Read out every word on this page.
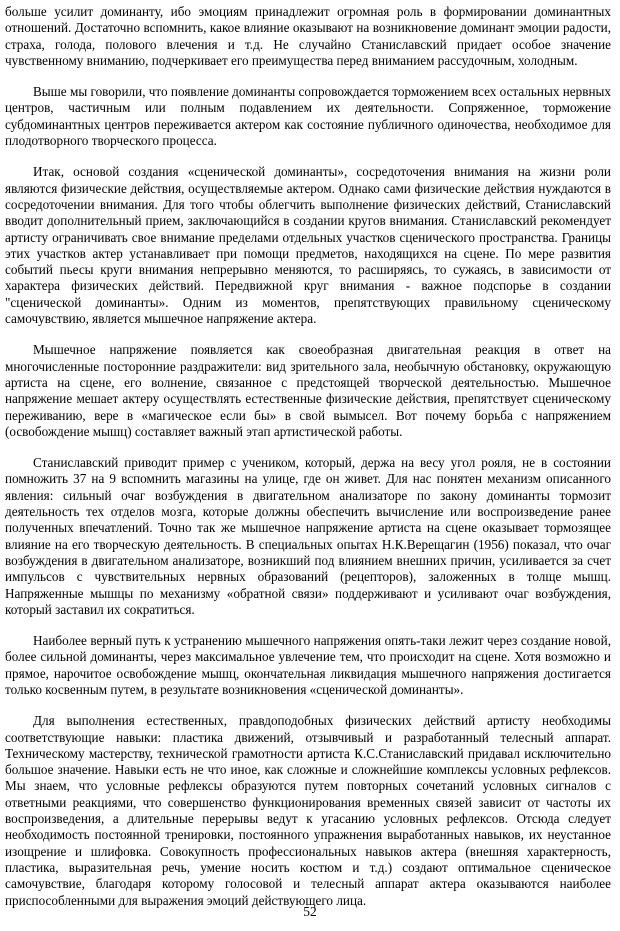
больше усилит доминанту, ибо эмоциям принадлежит огромная роль в формировании доминантных отношений. Достаточно вспомнить, какое влияние оказывают на возникновение доминант эмоции радости, страха, голода, полового влечения и т.д. Не случайно Станиславский придает особое значение чувственному вниманию, подчеркивает его преимущества перед вниманием рассудочным, холодным.

Выше мы говорили, что появление доминанты сопровождается торможением всех остальных нервных центров, частичным или полным подавлением их деятельности. Сопряженное, торможение субдоминантных центров переживается актером как состояние публичного одиночества, необходимое для плодотворного творческого процесса.

Итак, основой создания «сценической доминанты», сосредоточения внимания на жизни роли являются физические действия, осуществляемые актером. Однако сами физические действия нуждаются в сосредоточении внимания. Для того чтобы облегчить выполнение физических действий, Станиславский вводит дополнительный прием, заключающийся в создании кругов внимания. Станиславский рекомендует артисту ограничивать свое внимание пределами отдельных участков сценического пространства. Границы этих участков актер устанавливает при помощи предметов, находящихся на сцене. По мере развития событий пьесы круги внимания непрерывно меняются, то расширяясь, то сужаясь, в зависимости от характера физических действий. Передвижной круг внимания - важное подспорье в создании "сценической доминанты». Одним из моментов, препятствующих правильному сценическому самочувствию, является мышечное напряжение актера.

Мышечное напряжение появляется как своеобразная двигательная реакция в ответ на многочисленные посторонние раздражители: вид зрительного зала, необычную обстановку, окружающую артиста на сцене, его волнение, связанное с предстоящей творческой деятельностью. Мышечное напряжение мешает актеру осуществлять естественные физические действия, препятствует сценическому переживанию, вере в «магическое если бы» в свой вымысел. Вот почему борьба с напряжением (освобождение мышц) составляет важный этап артистической работы.

Станиславский приводит пример с учеником, который, держа на весу угол рояля, не в состоянии помножить 37 на 9 вспомнить магазины на улице, где он живет. Для нас понятен механизм описанного явления: сильный очаг возбуждения в двигательном анализаторе по закону доминанты тормозит деятельность тех отделов мозга, которые должны обеспечить вычисление или воспроизведение ранее полученных впечатлений. Точно так же мышечное напряжение артиста на сцене оказывает тормозящее влияние на его творческую деятельность. В специальных опытах Н.К.Верещагин (1956) показал, что очаг возбуждения в двигательном анализаторе, возникший под влиянием внешних причин, усиливается за счет импульсов с чувствительных нервных образований (рецепторов), заложенных в толще мышц. Напряженные мышцы по механизму «обратной связи» поддерживают и усиливают очаг возбуждения, который заставил их сократиться.

Наиболее верный путь к устранению мышечного напряжения опять-таки лежит через создание новой, более сильной доминанты, через максимальное увлечение тем, что происходит на сцене. Хотя возможно и прямое, нарочитое освобождение мышц, окончательная ликвидация мышечного напряжения достигается только косвенным путем, в результате возникновения «сценической доминанты».

Для выполнения естественных, правдоподобных физических действий артисту необходимы соответствующие навыки: пластика движений, отзывчивый и разработанный телесный аппарат. Техническому мастерству, технической грамотности артиста К.С.Станиславский придавал исключительно большое значение. Навыки есть не что иное, как сложные и сложнейшие комплексы условных рефлексов. Мы знаем, что условные рефлексы образуются путем повторных сочетаний условных сигналов с ответными реакциями, что совершенство функционирования временных связей зависит от частоты их воспроизведения, а длительные перерывы ведут к угасанию условных рефлексов. Отсюда следует необходимость постоянной тренировки, постоянного упражнения выработанных навыков, их неустанное изощрение и шлифовка. Совокупность профессиональных навыков актера (внешняя характерность, пластика, выразительная речь, умение носить костюм и т.д.) создают оптимальное сценическое самочувствие, благодаря которому голосовой и телесный аппарат актера оказываются наиболее приспособленными для выражения эмоций действующего лица.

52
